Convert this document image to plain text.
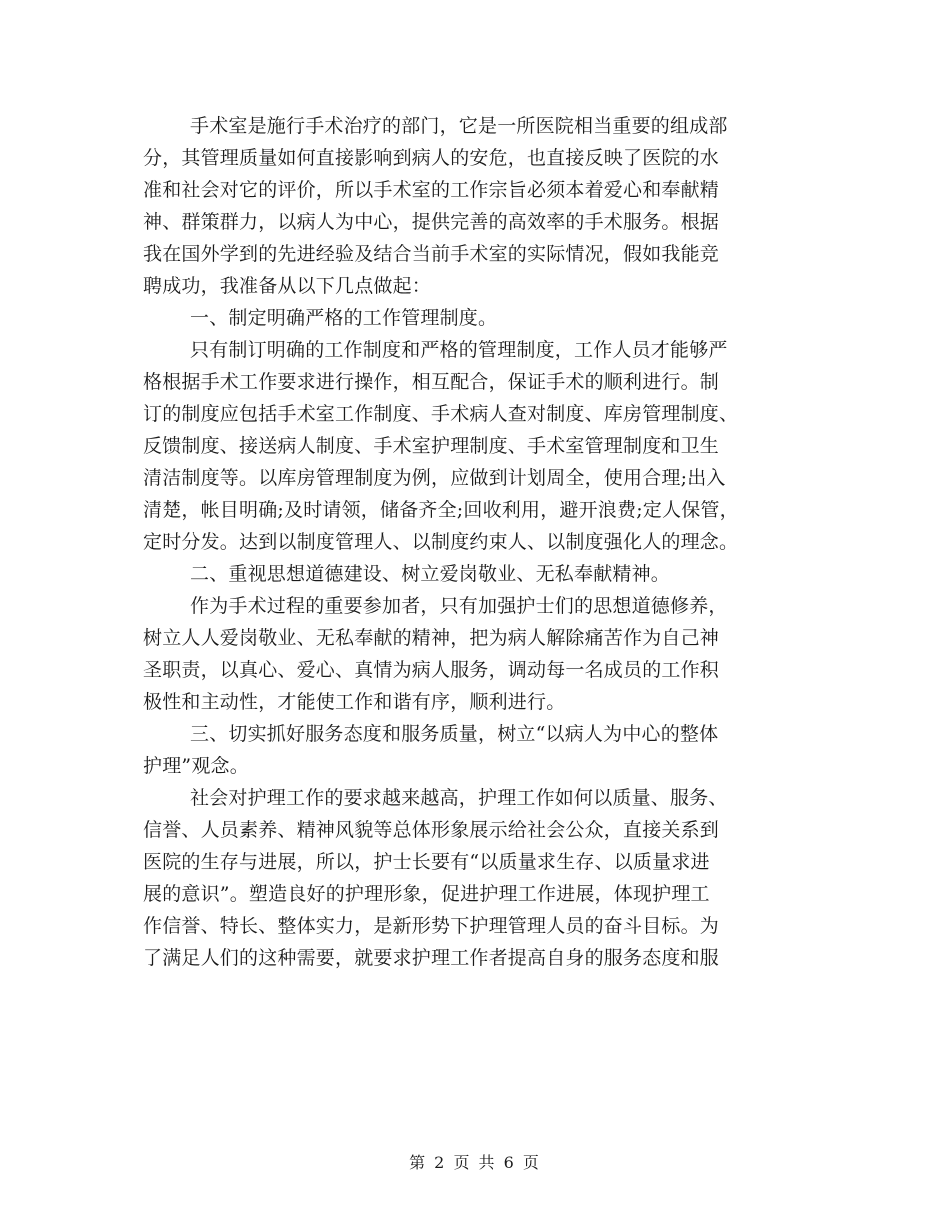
手术室是施行手术治疗的部门，它是一所医院相当重要的组成部
分，其管理质量如何直接影响到病人的安危，也直接反映了医院的水
准和社会对它的评价，所以手术室的工作宗旨必须本着爱心和奉献精
神、群策群力，以病人为中心，提供完善的高效率的手术服务。根据
我在国外学到的先进经验及结合当前手术室的实际情况，假如我能竞
聘成功，我准备从以下几点做起：
一、制定明确严格的工作管理制度。
只有制订明确的工作制度和严格的管理制度，工作人员才能够严
格根据手术工作要求进行操作，相互配合，保证手术的顺利进行。制
订的制度应包括手术室工作制度、手术病人查对制度、库房管理制度、
反馈制度、接送病人制度、手术室护理制度、手术室管理制度和卫生
清洁制度等。以库房管理制度为例，应做到计划周全，使用合理;出入
清楚，帐目明确;及时请领，储备齐全;回收利用，避开浪费;定人保管，
定时分发。达到以制度管理人、以制度约束人、以制度强化人的理念。
二、重视思想道德建设、树立爱岗敬业、无私奉献精神。
作为手术过程的重要参加者，只有加强护士们的思想道德修养，
树立人人爱岗敬业、无私奉献的精神，把为病人解除痛苦作为自己神
圣职责，以真心、爱心、真情为病人服务，调动每一名成员的工作积
极性和主动性，才能使工作和谐有序，顺利进行。
三、切实抓好服务态度和服务质量，树立“以病人为中心的整体
护理”观念。
社会对护理工作的要求越来越高，护理工作如何以质量、服务、
信誉、人员素养、精神风貌等总体形象展示给社会公众，直接关系到
医院的生存与进展，所以，护士长要有“以质量求生存、以质量求进
展的意识”。塑造良好的护理形象，促进护理工作进展，体现护理工
作信誉、特长、整体实力，是新形势下护理管理人员的奋斗目标。为
了满足人们的这种需要，就要求护理工作者提高自身的服务态度和服
第 2 页 共 6 页
